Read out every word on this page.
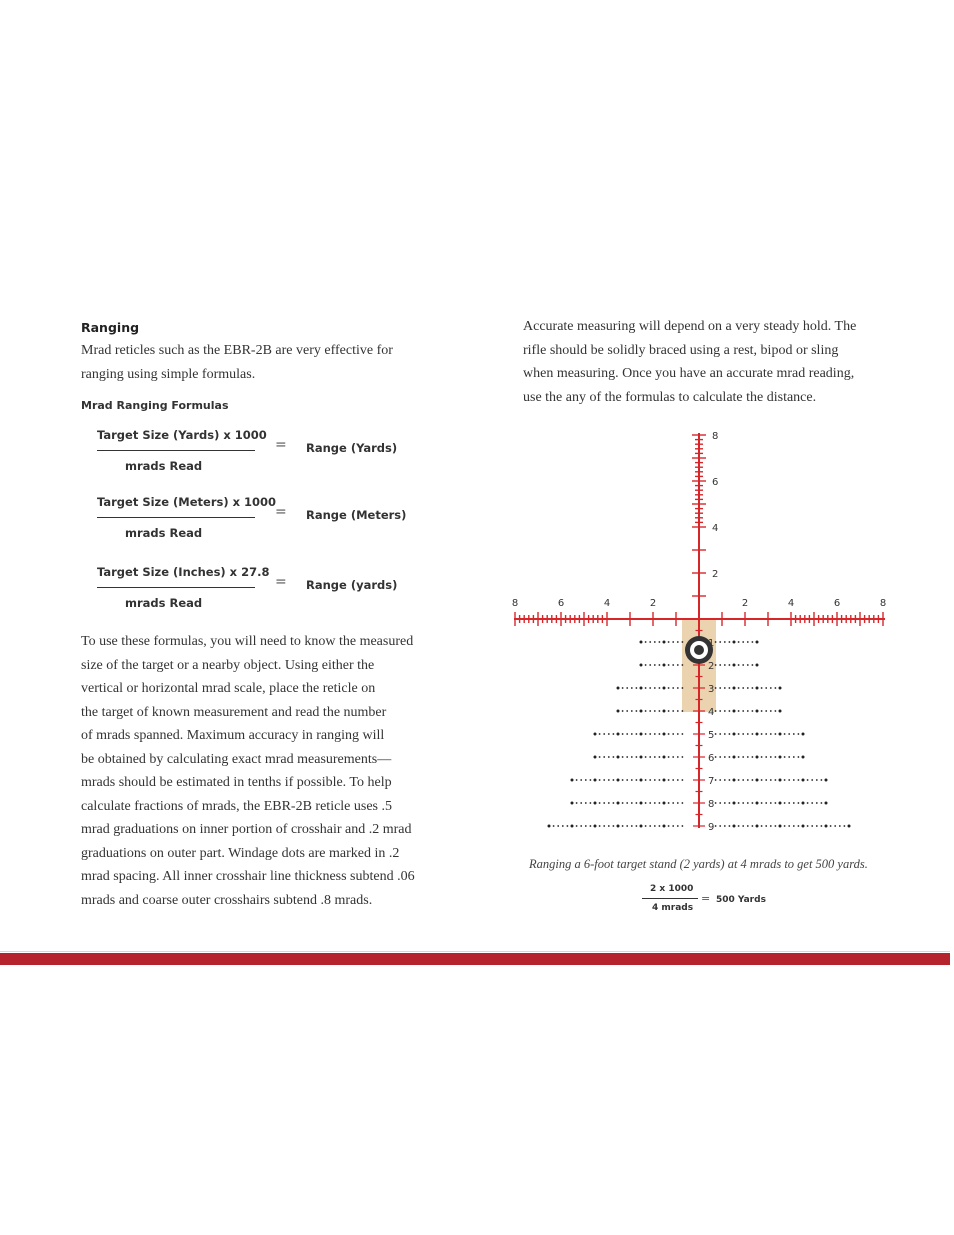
Ranging

Mrad reticles such as the EBR-2B are very effective for
ranging using simple formulas.

Mrad Ranging Formulas
Target Size (Yards) x 1000
mrads Read
= Range (Yards)
Target Size (Meters) x 1000
mrads Read
= Range (Meters)
Target Size (Inches) x 27.8
mrads Read
= Range (yards)

To use these formulas, you will need to know the measured
size of the target or a nearby object. Using either the
vertical or horizontal mrad scale, place the reticle on
the target of known measurement and read the number
of mrads spanned. Maximum accuracy in ranging will
be obtained by calculating exact mrad measurements—
mrads should be estimated in tenths if possible. To help
calculate fractions of mrads, the EBR-2B reticle uses .5
mrad graduations on inner portion of crosshair and .2 mrad
graduations on outer part. Windage dots are marked in .2
mrad spacing. All inner crosshair line thickness subtend .06
mrads and coarse outer crosshairs subtend .8 mrads.

Accurate measuring will depend on a very steady hold. The
rifle should be solidly braced using a rest, bipod or sling
when measuring. Once you have an accurate mrad reading,
use the any of the formulas to calculate the distance.

8
6
4
2
8	6	4	2	2	4	6	8
1
2
3
4
5
6
7
8
9
Ranging a 6-foot target stand (2 yards) at 4 mrads to get 500 yards.
2 x 1000
4 mrads
= 500 Yards
